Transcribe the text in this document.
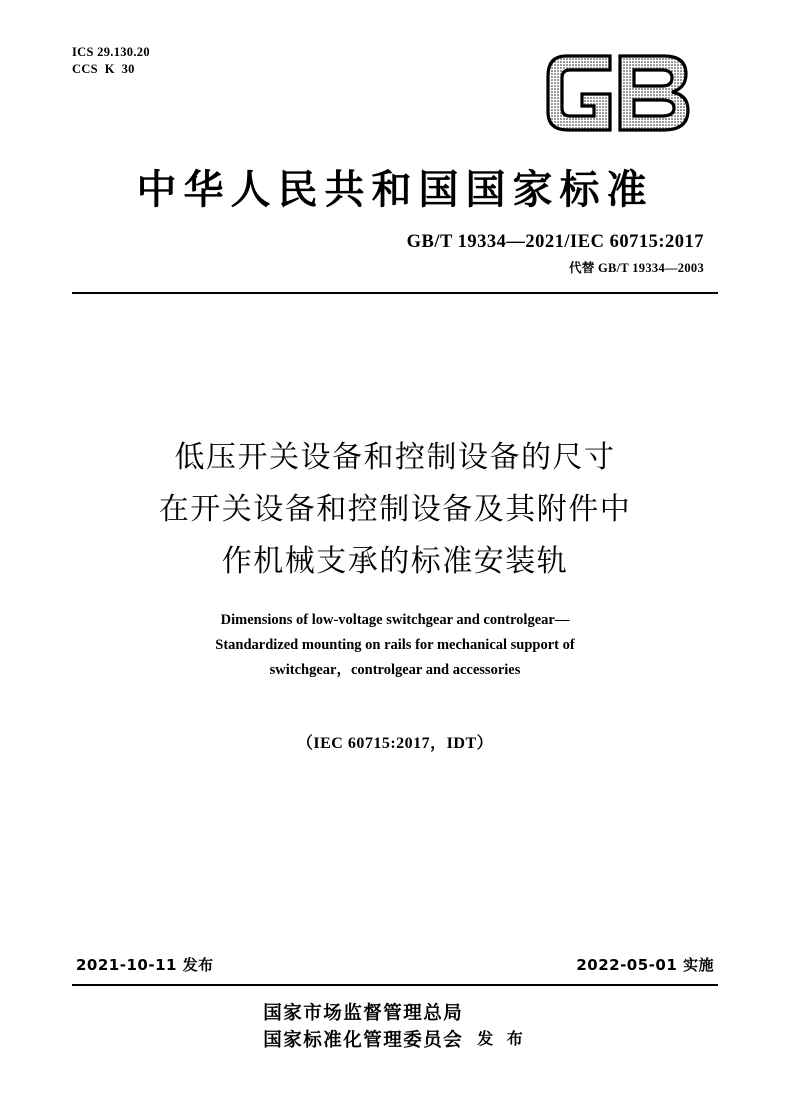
ICS 29.130.20
CCS  K  30
中华人民共和国国家标准
GB/T 19334—2021/IEC 60715:2017
代替 GB/T 19334—2003
低压开关设备和控制设备的尺寸
在开关设备和控制设备及其附件中
作机械支承的标准安装轨
Dimensions of low-voltage switchgear and controlgear—
Standardized mounting on rails for mechanical support of
switchgear，controlgear and accessories
（IEC 60715:2017，IDT）
2021-10-11 发布	2022-05-01 实施
国家市场监督管理总局
国家标准化管理委员会 发 布
